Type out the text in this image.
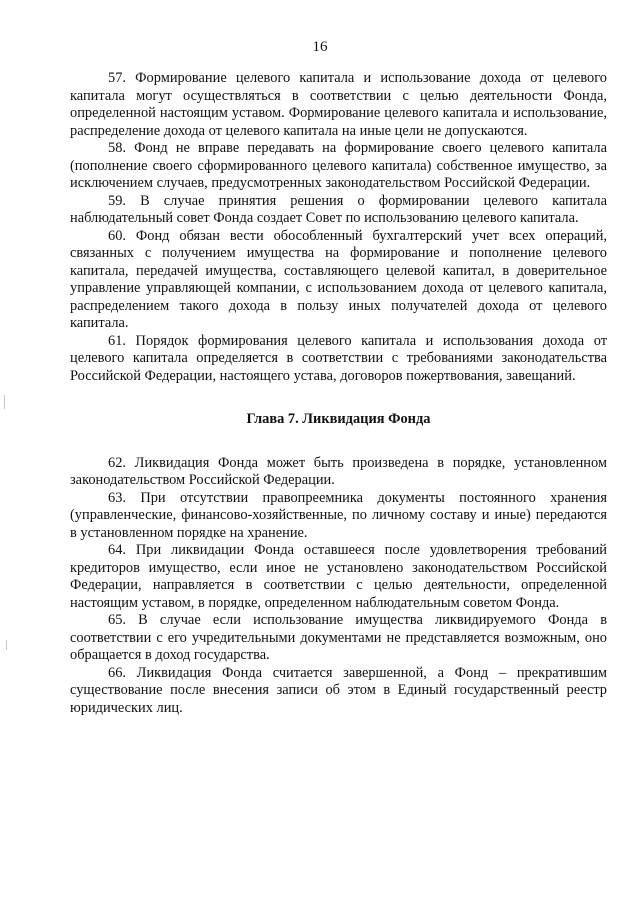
16

57. Формирование целевого капитала и использование дохода от целевого капитала могут осуществляться в соответствии с целью деятельности Фонда, определенной настоящим уставом. Формирование целевого капитала и использование, распределение дохода от целевого капитала на иные цели не допускаются.

58. Фонд не вправе передавать на формирование своего целевого капитала (пополнение своего сформированного целевого капитала) собственное имущество, за исключением случаев, предусмотренных законодательством Российской Федерации.

59. В случае принятия решения о формировании целевого капитала наблюдательный совет Фонда создает Совет по использованию целевого капитала.

60. Фонд обязан вести обособленный бухгалтерский учет всех операций, связанных с получением имущества на формирование и пополнение целевого капитала, передачей имущества, составляющего целевой капитал, в доверительное управление управляющей компании, с использованием дохода от целевого капитала, распределением такого дохода в пользу иных получателей дохода от целевого капитала.

61. Порядок формирования целевого капитала и использования дохода от целевого капитала определяется в соответствии с требованиями законодательства Российской Федерации, настоящего устава, договоров пожертвования, завещаний.

Глава 7. Ликвидация Фонда

62. Ликвидация Фонда может быть произведена в порядке, установленном законодательством Российской Федерации.

63. При отсутствии правопреемника документы постоянного хранения (управленческие, финансово-хозяйственные, по личному составу и иные) передаются в установленном порядке на хранение.

64. При ликвидации Фонда оставшееся после удовлетворения требований кредиторов имущество, если иное не установлено законодательством Российской Федерации, направляется в соответствии с целью деятельности, определенной настоящим уставом, в порядке, определенном наблюдательным советом Фонда.

65. В случае если использование имущества ликвидируемого Фонда в соответствии с его учредительными документами не представляется возможным, оно обращается в доход государства.

66. Ликвидация Фонда считается завершенной, а Фонд – прекратившим существование после внесения записи об этом в Единый государственный реестр юридических лиц.
